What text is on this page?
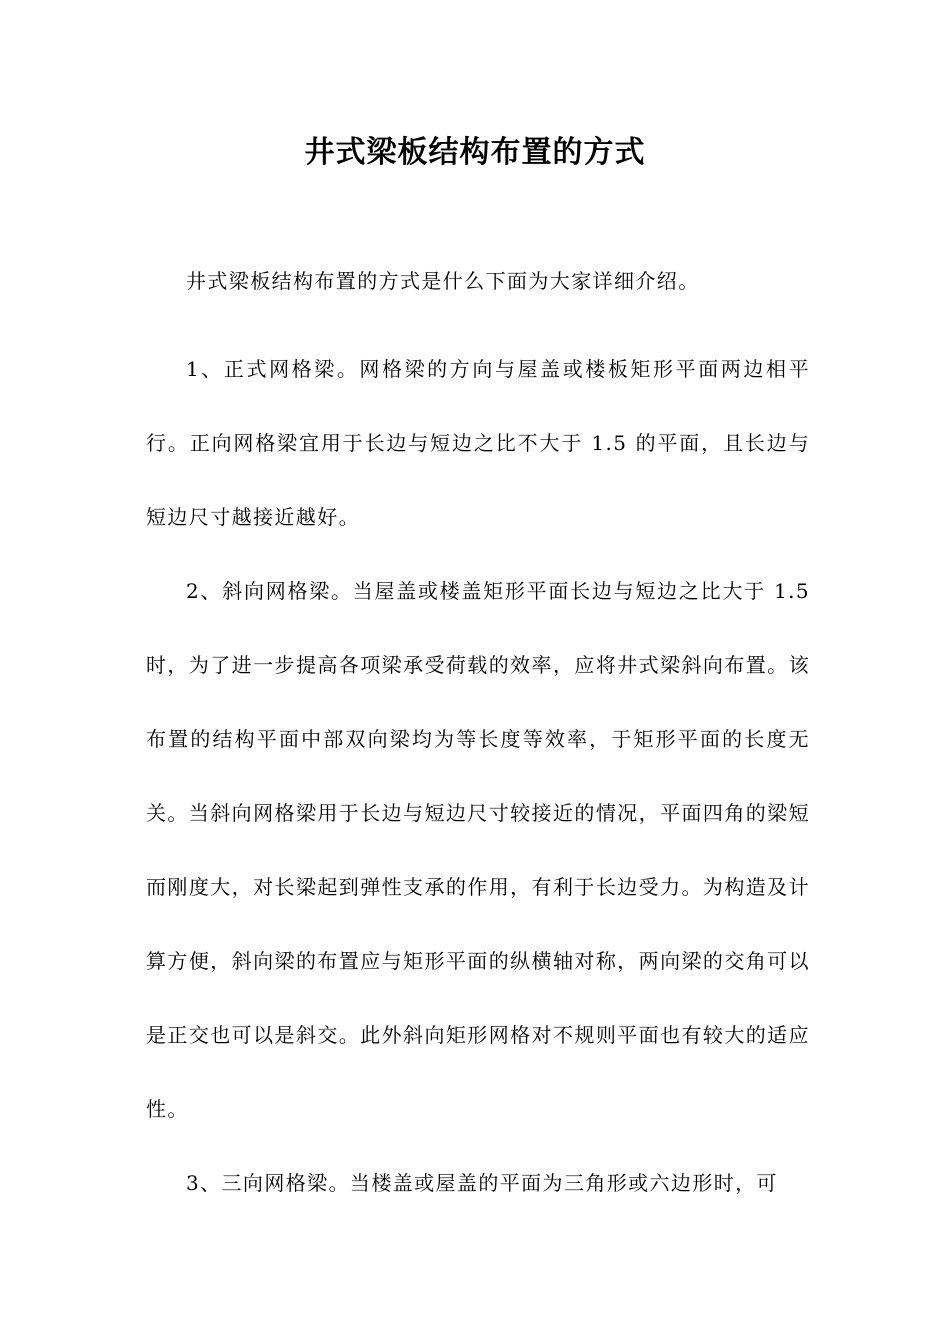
井式梁板结构布置的方式

井式梁板结构布置的方式是什么下面为大家详细介绍。

1、正式网格梁。网格梁的方向与屋盖或楼板矩形平面两边相平行。正向网格梁宜用于长边与短边之比不大于 1.5 的平面，且长边与短边尺寸越接近越好。

2、斜向网格梁。当屋盖或楼盖矩形平面长边与短边之比大于 1.5 时，为了进一步提高各项梁承受荷载的效率，应将井式梁斜向布置。该布置的结构平面中部双向梁均为等长度等效率，于矩形平面的长度无关。当斜向网格梁用于长边与短边尺寸较接近的情况，平面四角的梁短而刚度大，对长梁起到弹性支承的作用，有利于长边受力。为构造及计算方便，斜向梁的布置应与矩形平面的纵横轴对称，两向梁的交角可以是正交也可以是斜交。此外斜向矩形网格对不规则平面也有较大的适应性。

3、三向网格梁。当楼盖或屋盖的平面为三角形或六边形时，可
